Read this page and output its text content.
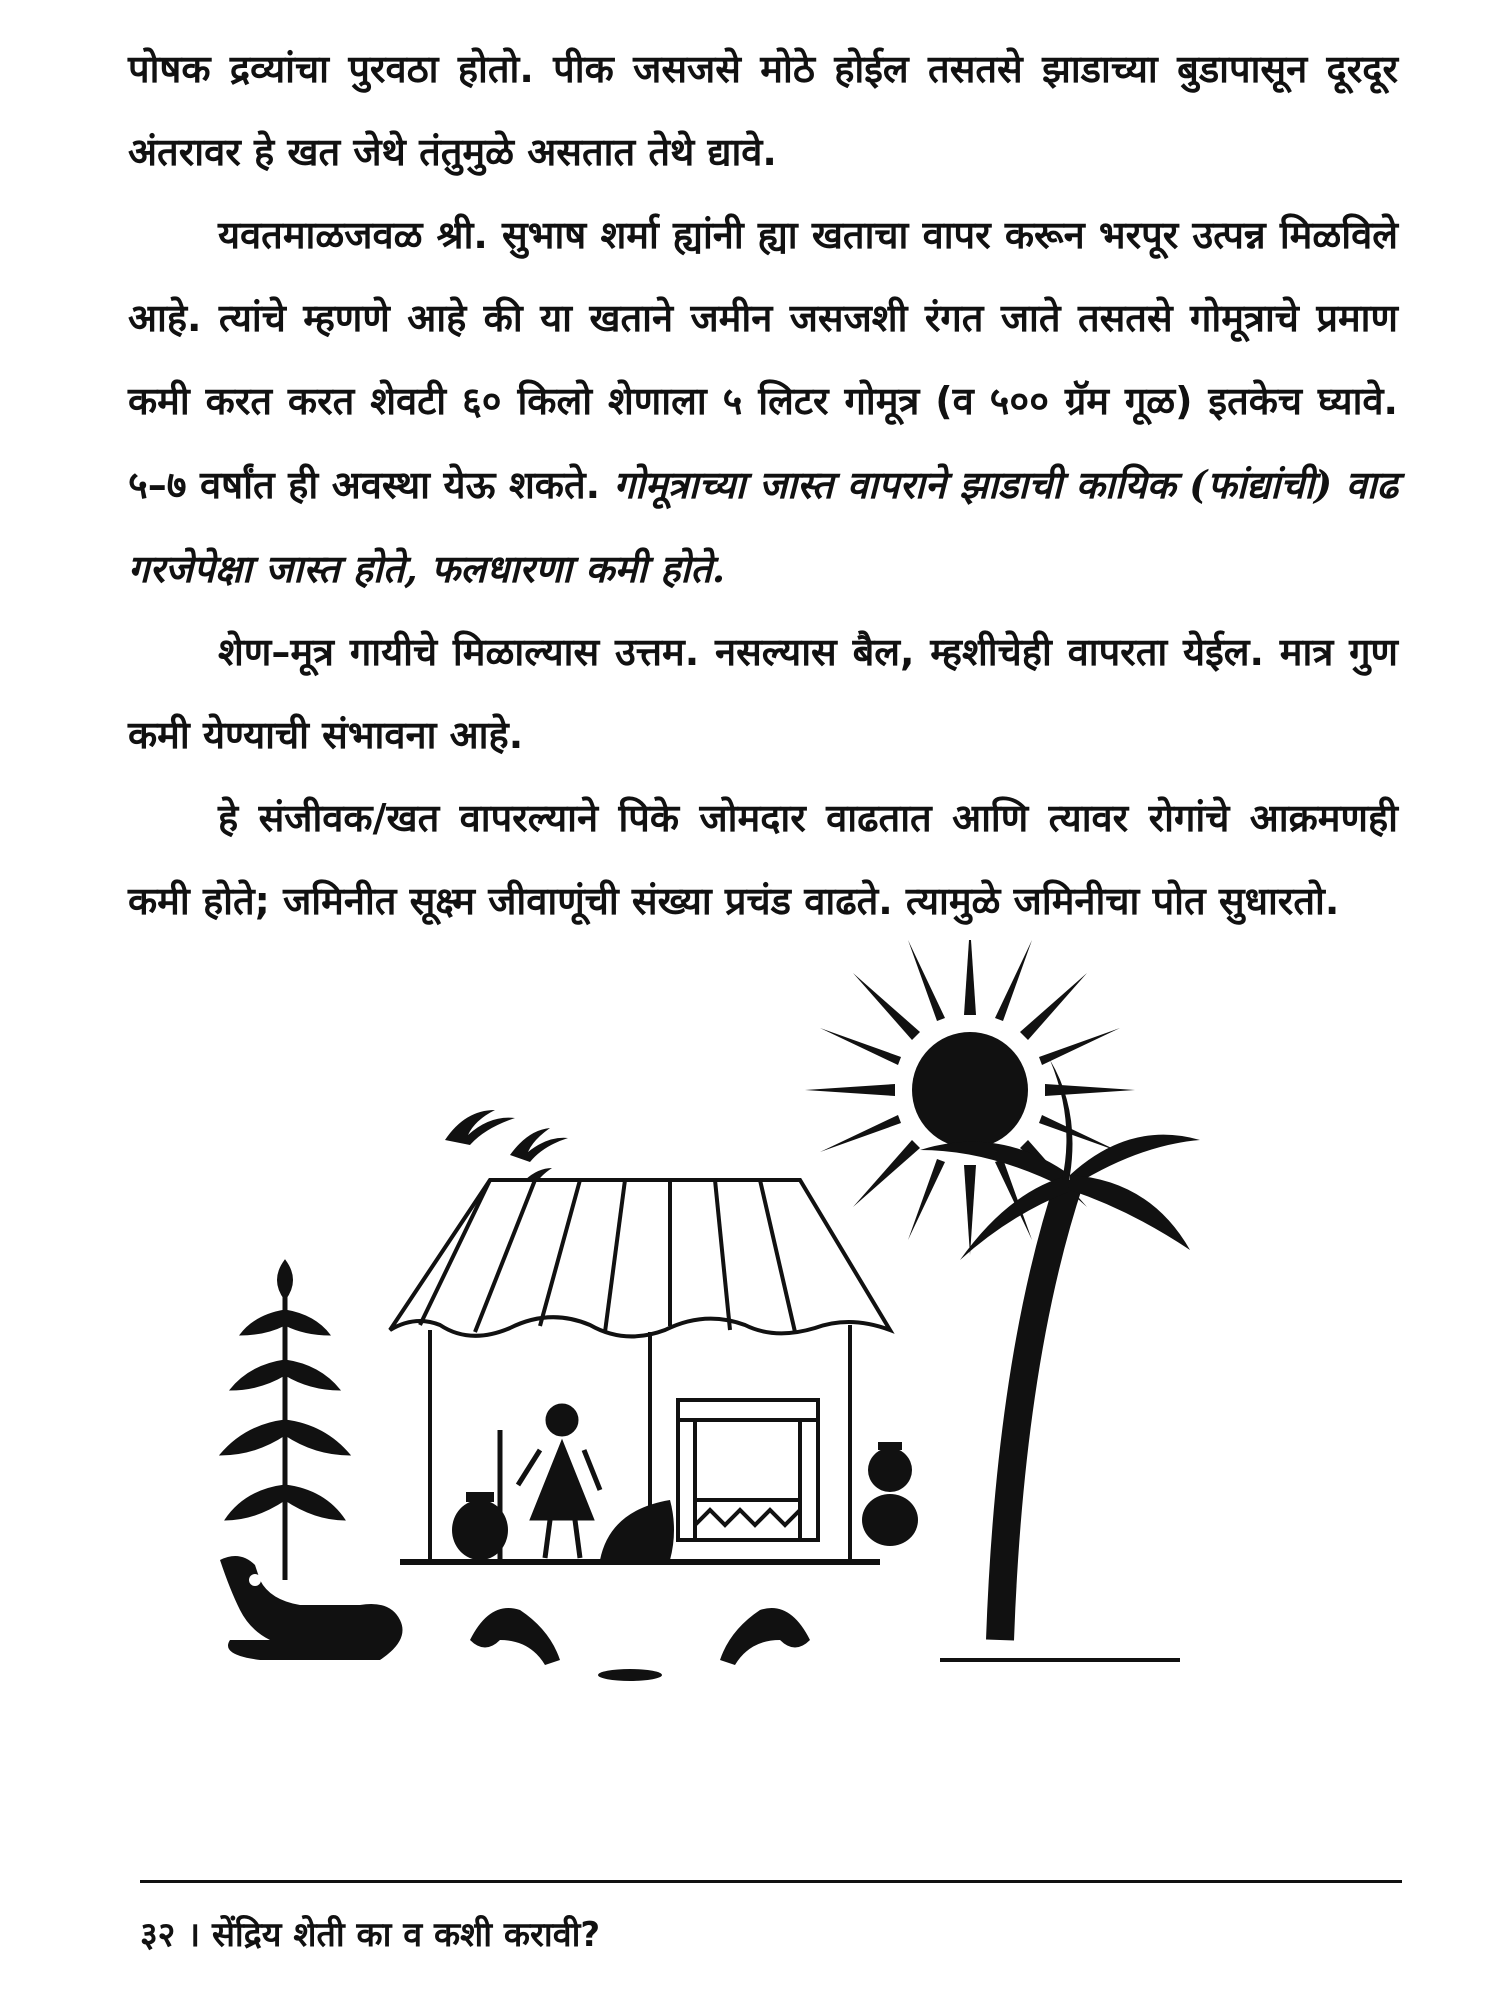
पोषक द्रव्यांचा पुरवठा होतो. पीक जसजसे मोठे होईल तसतसे झाडाच्या बुडापासून दूरदूर अंतरावर हे खत जेथे तंतुमुळे असतात तेथे द्यावे.

यवतमाळजवळ श्री. सुभाष शर्मा ह्यांनी ह्या खताचा वापर करून भरपूर उत्पन्न मिळविले आहे. त्यांचे म्हणणे आहे की या खताने जमीन जसजशी रंगत जाते तसतसे गोमूत्राचे प्रमाण कमी करत करत शेवटी ६० किलो शेणाला ५ लिटर गोमूत्र (व ५०० ग्रॅम गूळ) इतकेच घ्यावे. ५–७ वर्षांत ही अवस्था येऊ शकते. गोमूत्राच्या जास्त वापराने झाडाची कायिक (फांद्यांची) वाढ गरजेपेक्षा जास्त होते, फलधारणा कमी होते.

शेण–मूत्र गायीचे मिळाल्यास उत्तम. नसल्यास बैल, म्हशीचेही वापरता येईल. मात्र गुण कमी येण्याची संभावना आहे.

हे संजीवक/खत वापरल्याने पिके जोमदार वाढतात आणि त्यावर रोगांचे आक्रमणही कमी होते; जमिनीत सूक्ष्म जीवाणूंची संख्या प्रचंड वाढते. त्यामुळे जमिनीचा पोत सुधारतो.

३२ । सेंद्रिय शेती का व कशी करावी?
